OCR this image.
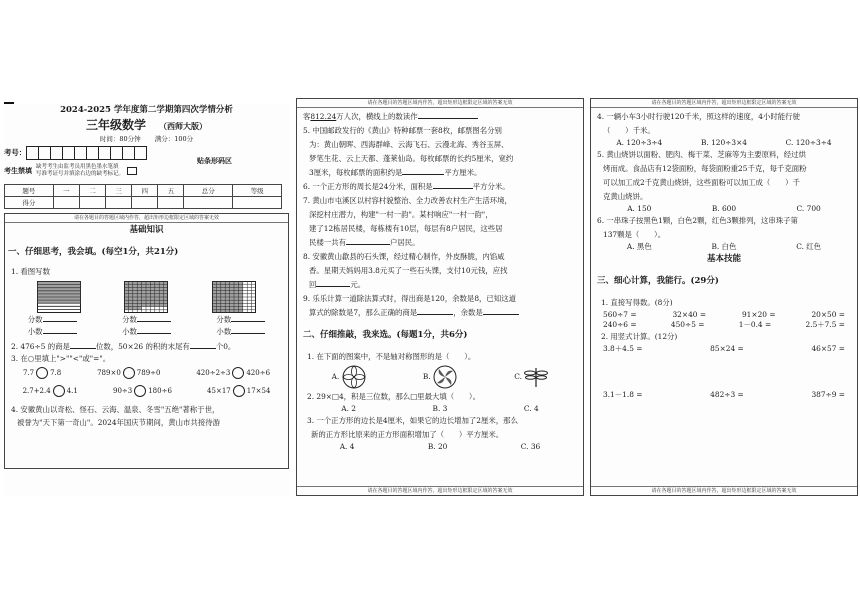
2024-2025 学年度第二学期第四次学情分析

三年级数学 （西师大版）
时间：80分钟 满分：100分
考号：
考生禁填 缺考考生由监考员用黑色墨水笔填
写准考证号并填涂右边的缺考标记。
贴条形码区
题号	一	二	三	四	五	总分	等级
得分							
请在各题目的答题区域内作答，超出矩形边框限定区域的答案无效

基础知识

一、仔细思考，我会填。(每空1分，共21分)

1. 看图写数

分数	分数	分数
小数	小数	小数

2. 476÷5 的商是	位数，50×26 的积的末尾有	个0。

3. 在○里填上">""<"或"="。

7.7 7.8	789×0 789÷0	420÷2÷3 420÷6
2.7+2.4 4.1	90÷3 180÷6	45×17 17×54

4. 安徽黄山以奇松、怪石、云海、温泉、冬雪"五绝"著称于世，

被誉为"天下第一奇山"。2024年国庆节期间，黄山市共接待游

请在各题目的答题区域内作答，超出矩形边框限定区域的答案无效

客812.24万人次，横线上的数读作

5. 中国邮政发行的《黄山》特种邮票一套8枚，邮票图名分别

为：黄山朝晖、西海群峰、云海飞石、云漫北海、秀谷玉屏、

梦笔生花、云上天都、蓬莱仙岛。每枚邮票的长约5厘米，宽约

3厘米，每枚邮票的面积约是	平方厘米。

6. 一个正方形的周长是24分米，面积是	平方分米。

7. 黄山市屯溪区以村容村貌整治、全力改善农村生产生活环境，

深挖村庄潜力，构建"一村一韵"。某村响应"一村一韵"，

建了12栋居民楼，每栋楼有10层，每层有8户居民，这些居

民楼一共有	户居民。

8. 安徽黄山歙县的石头馃，经过精心制作，外皮酥脆，内馅咸

香。星期天妈妈用3.8元买了一些石头馃，支付10元钱，应找

回	元。

9. 乐乐计算一道除法算式时，得出商是120，余数是8，已知这道

算式的除数是7，那么正确的商是	，余数是

二、仔细推敲，我来选。(每题1分，共6分)

1. 在下面的图案中，不是轴对称图形的是（　　）。

A.	B.	C.

2. 29×□4，积是三位数，那么□里最大填（　　）。

A. 2	B. 3	C. 4

3. 一个正方形的边长是4厘米，如果它的边长增加了2厘米，那么

新的正方形比原来的正方形面积增加了（　　）平方厘米。

A. 4	B. 20	C. 36
请在各题目的答题区域内作答，超出矩形边框限定区域的答案无效
请在各题目的答题区域内作答，超出矩形边框限定区域的答案无效

4. 一辆小车3小时行驶120千米，照这样的速度，4小时能行驶

（　　）千米。

A. 120÷3÷4	B. 120÷3×4	C. 120÷3÷4

5. 黄山烧饼以面粉、肥肉、梅干菜、芝麻等为主要原料，经过烘

烤而成。食品店有12袋面粉，每袋面粉重25千克，每千克面粉

可以加工成2千克黄山烧饼，这些面粉可以加工成（　　）千

克黄山烧饼。

A. 150	B. 600	C. 700

6. 一串珠子按黑色1颗，白色2颗，红色3颗排列，这串珠子第

137颗是（　　）。

A. 黑色	B. 白色	C. 红色

基本技能

三、细心计算，我能行。(29分)

1. 直接写得数。(8分)

560÷7 =	32×40 =	91×20 =	20×50 =
240÷6 =	450÷5 =	1－0.4 =	2.5＋7.5 =

2. 用竖式计算。(12分)

3.8＋4.5 =	85×24 =	46×57 =
3.1－1.8 =	482÷3 =	387÷9 =
请在各题目的答题区域内作答，超出矩形边框限定区域的答案无效
